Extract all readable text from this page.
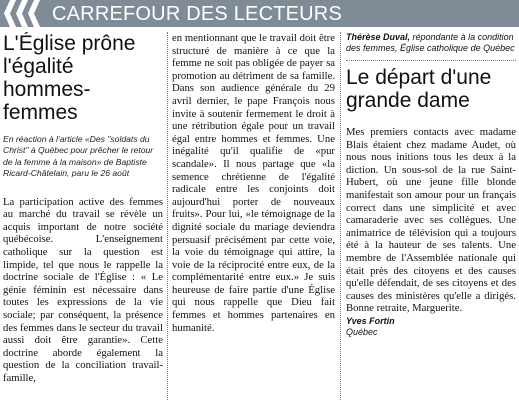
CARREFOUR DES LECTEURS
L'Église prône
l'égalité
hommes-femmes

En réaction à l'article «Des "soldats du Christ" à Québec pour prêcher le retour de la femme à la maison» de Baptiste Ricard-Châtelain, paru le 26 août

La participation active des femmes au marché du travail se révèle un acquis important de notre société québécoise. L'enseignement catholique sur la question est limpide, tel que nous le rappelle la doctrine sociale de l'Église : « Le génie féminin est nécessaire dans toutes les expressions de la vie sociale; par conséquent, la présence des femmes dans le secteur du travail aussi doit être garantie». Cette doctrine aborde également la question de la conciliation travail-famille,

en mentionnant que le travail doit être structuré de manière à ce que la femme ne soit pas obligée de payer sa promotion au détriment de sa famille. Dans son audience générale du 29 avril dernier, le pape François nous invite à soutenir fermement le droit à une rétribution égale pour un travail égal entre hommes et femmes. Une inégalité qu'il qualifie de «pur scandale». Il nous partage que «la semence chrétienne de l'égalité radicale entre les conjoints doit aujourd'hui porter de nouveaux fruits». Pour lui, «le témoignage de la dignité sociale du mariage deviendra persuasif précisément par cette voie, la voie du témoignage qui attire, la voie de la réciprocité entre eux, de la complémentarité entre eux.» Je suis heureuse de faire partie d'une Église qui nous rappelle que Dieu fait femmes et hommes partenaires en humanité.

Thérèse Duval, répondante à la condition des femmes, Église catholique de Québec

Le départ d'une
grande dame

Mes premiers contacts avec madame Blais étaient chez madame Audet, où nous nous initions tous les deux à la diction. Un sous-sol de la rue Saint-Hubert, où une jeune fille blonde manifestait son amour pour un français correct dans une simplicité et avec camaraderie avec ses collègues. Une animatrice de télévision qui a toujours été à la hauteur de ses talents. Une membre de l'Assemblée nationale qui était près des citoyens et des causes qu'elle défendait, de ses citoyens et des causes des ministères qu'elle a dirigés. Bonne retraite, Marguerite.

Yves Fortin

Québec
